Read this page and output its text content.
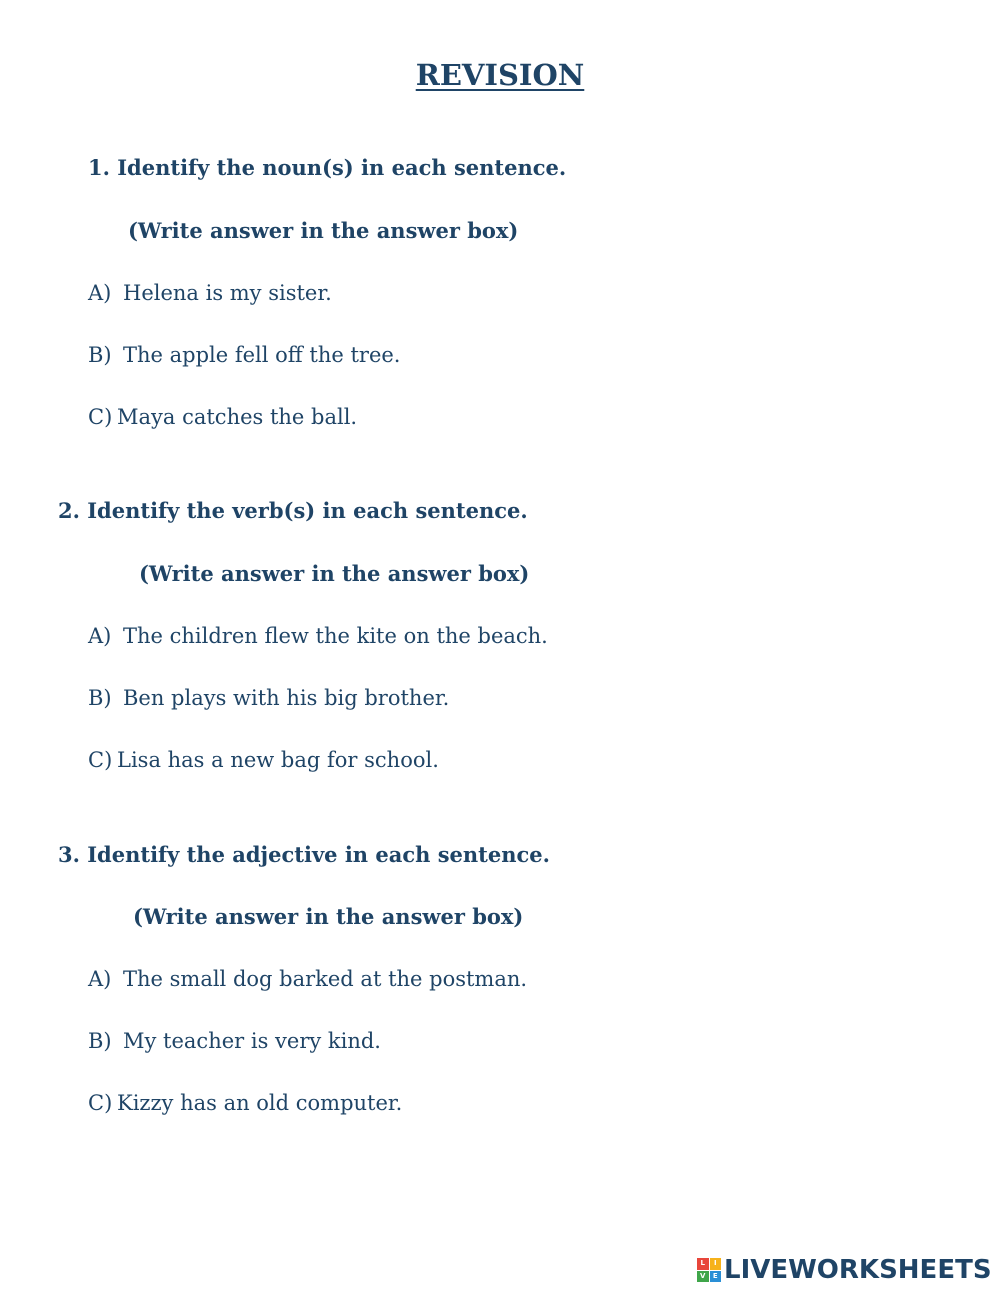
REVISION
1. Identify the noun(s) in each sentence.
(Write answer in the answer box)
A) Helena is my sister.
B) The apple fell off the tree.
C) Maya catches the ball.
2. Identify the verb(s) in each sentence.
(Write answer in the answer box)
A) The children flew the kite on the beach.
B) Ben plays with his big brother.
C) Lisa has a new bag for school.
3. Identify the adjective in each sentence.
(Write answer in the answer box)
A) The small dog barked at the postman.
B) My teacher is very kind.
C) Kizzy has an old computer.
L	I
V	E LIVEWORKSHEETS
